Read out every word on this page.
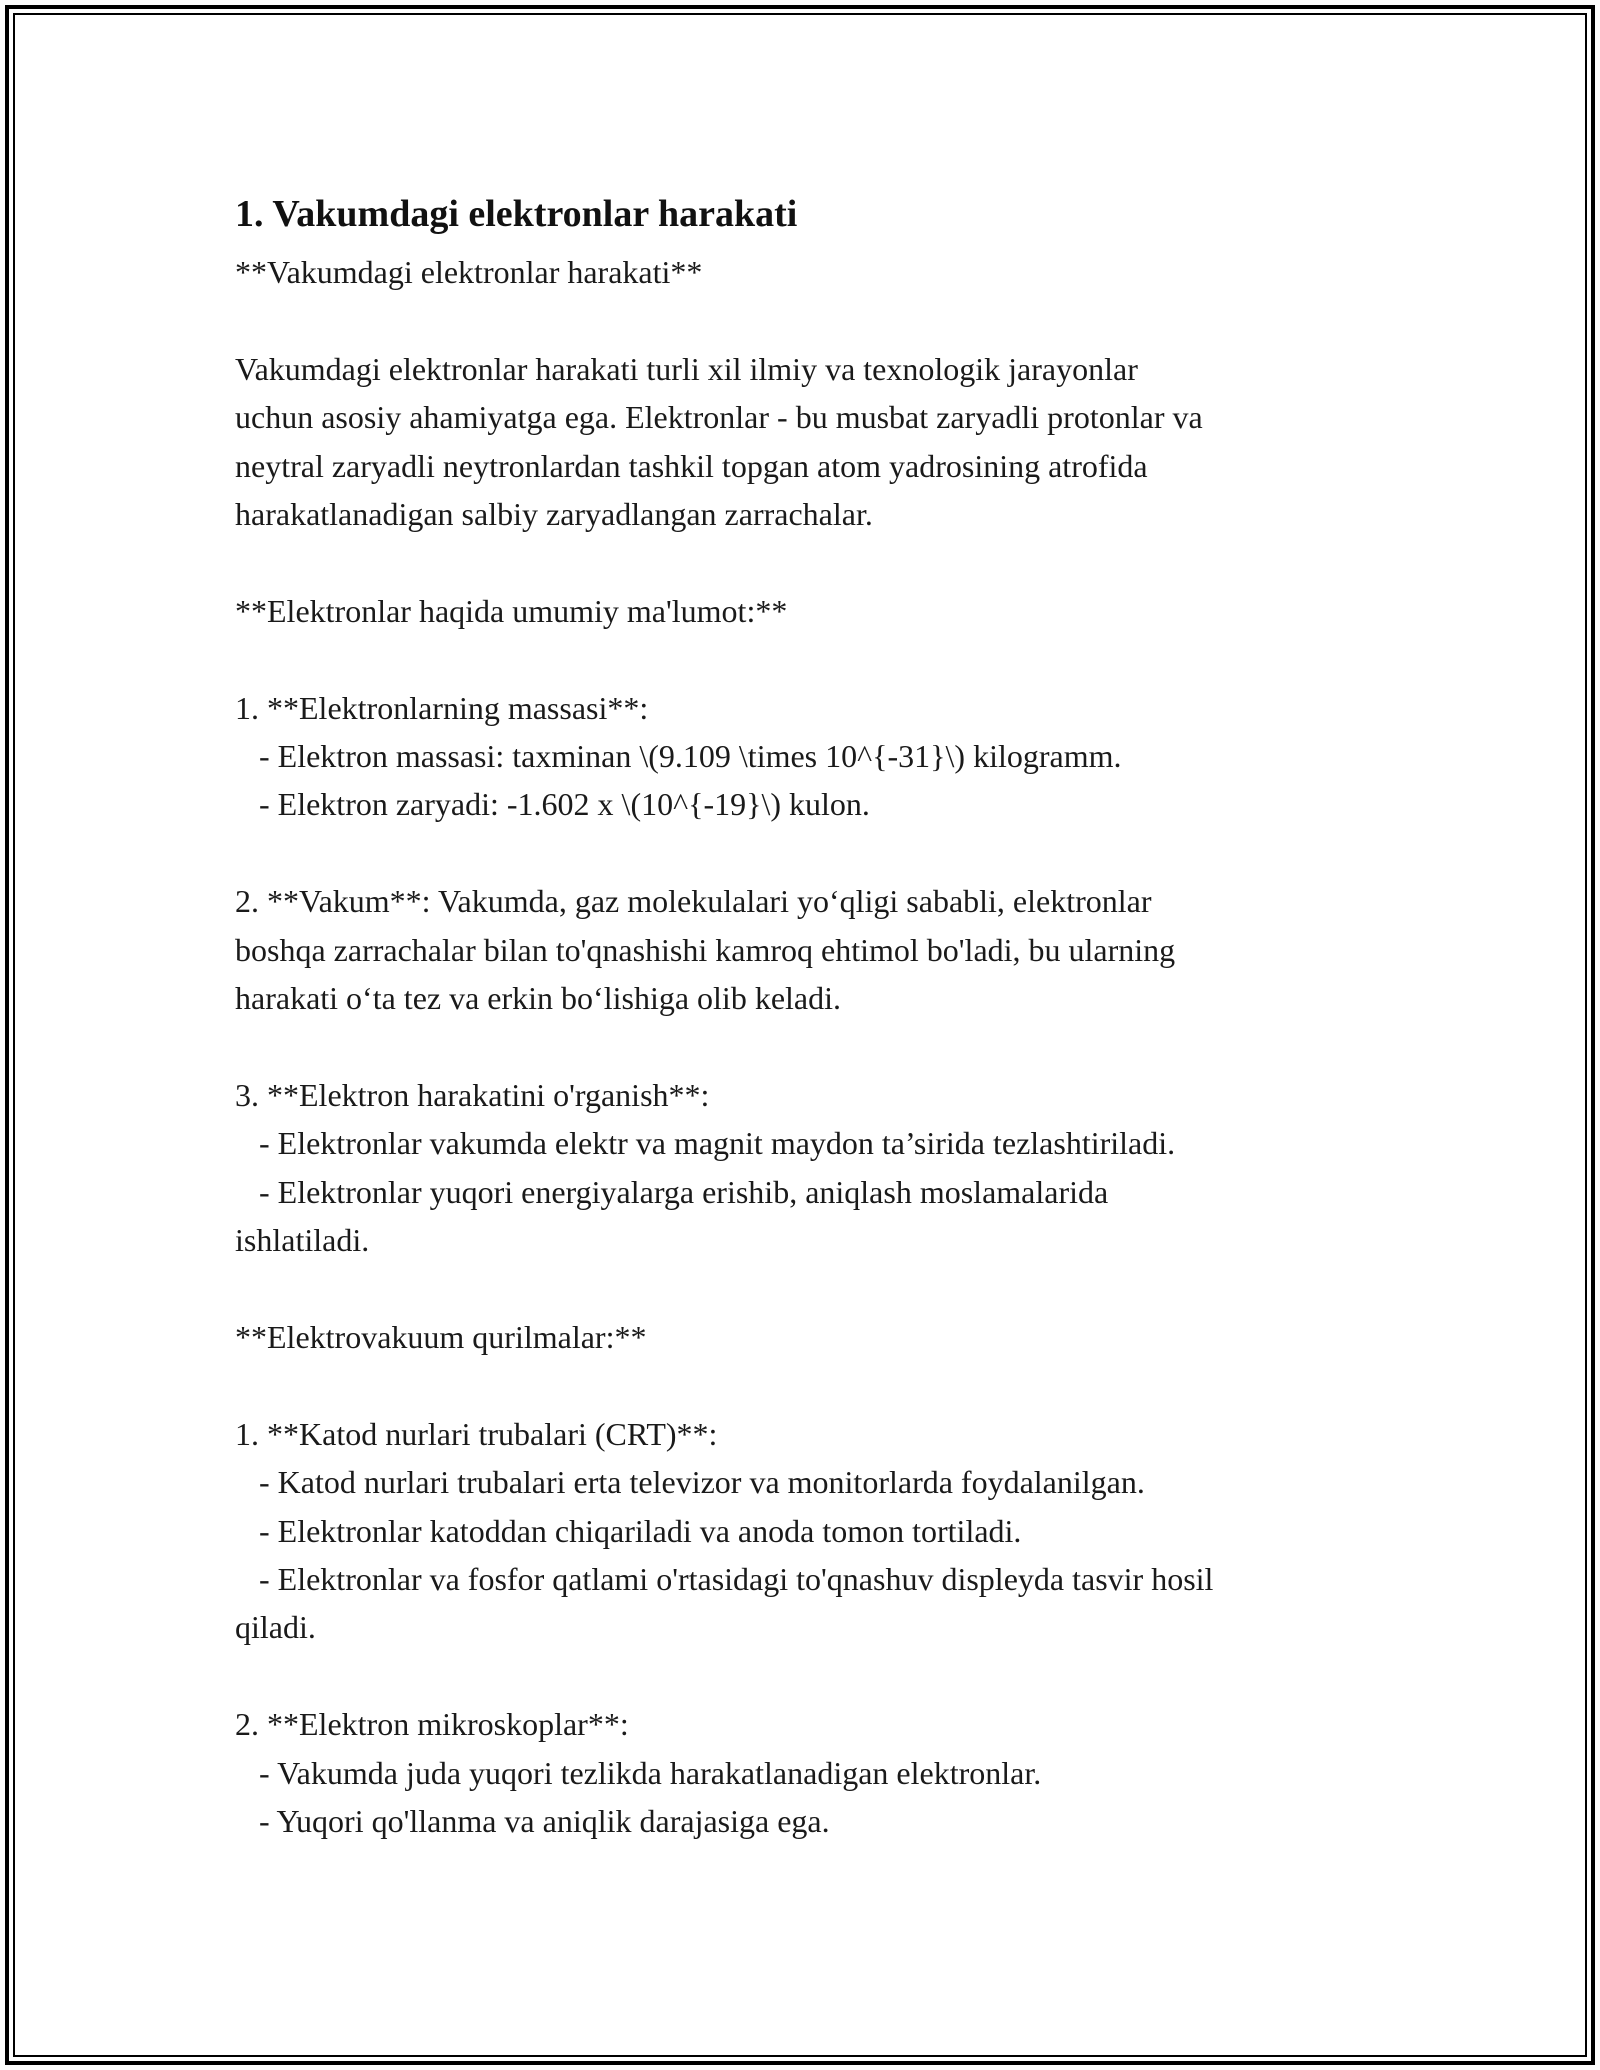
1. Vakumdagi elektronlar harakati

**Vakumdagi elektronlar harakati**

Vakumdagi elektronlar harakati turli xil ilmiy va texnologik jarayonlar
uchun asosiy ahamiyatga ega. Elektronlar - bu musbat zaryadli protonlar va
neytral zaryadli neytronlardan tashkil topgan atom yadrosining atrofida
harakatlanadigan salbiy zaryadlangan zarrachalar.

**Elektronlar haqida umumiy ma'lumot:**

1. **Elektronlarning massasi**:
- Elektron massasi: taxminan \(9.109 \times 10^{-31}\) kilogramm.
- Elektron zaryadi: -1.602 x \(10^{-19}\) kulon.

2. **Vakum**: Vakumda, gaz molekulalari yo‘qligi sababli, elektronlar
boshqa zarrachalar bilan to'qnashishi kamroq ehtimol bo'ladi, bu ularning
harakati o‘ta tez va erkin bo‘lishiga olib keladi.

3. **Elektron harakatini o'rganish**:
- Elektronlar vakumda elektr va magnit maydon ta’sirida tezlashtiriladi.
- Elektronlar yuqori energiyalarga erishib, aniqlash moslamalarida
ishlatiladi.

**Elektrovakuum qurilmalar:**

1. **Katod nurlari trubalari (CRT)**:
- Katod nurlari trubalari erta televizor va monitorlarda foydalanilgan.
- Elektronlar katoddan chiqariladi va anoda tomon tortiladi.
- Elektronlar va fosfor qatlami o'rtasidagi to'qnashuv displeyda tasvir hosil
qiladi.

2. **Elektron mikroskoplar**:
- Vakumda juda yuqori tezlikda harakatlanadigan elektronlar.
- Yuqori qo'llanma va aniqlik darajasiga ega.
